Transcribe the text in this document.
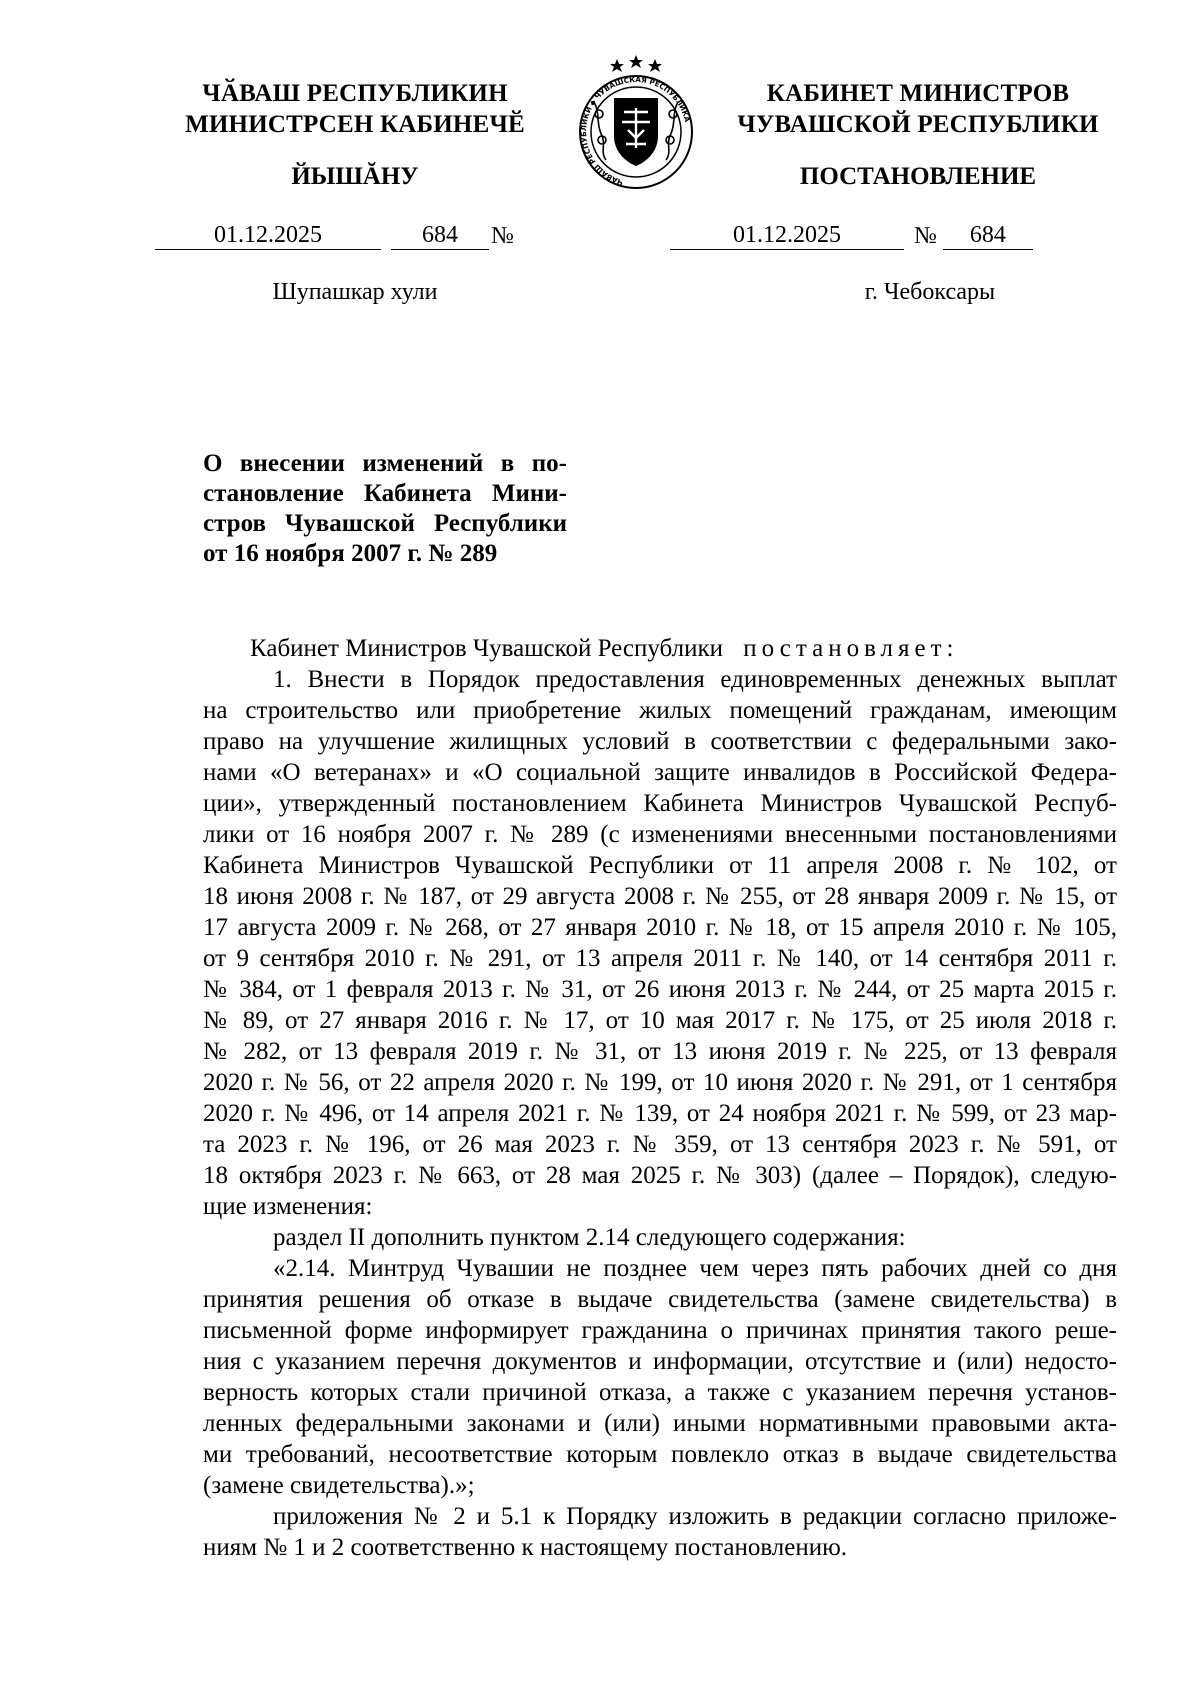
ЧӐВАШ РЕСПУБЛИКИН
МИНИСТРСЕН КАБИНЕЧӖ
ЙЫШĂНУ
КАБИНЕТ МИНИСТРОВ
ЧУВАШСКОЙ РЕСПУБЛИКИ
ПОСТАНОВЛЕНИЕ
ЧĂВАШ РЕСПУБЛИКИ ◆ ЧУВАШСКАЯ РЕСПУБЛИКА
01.12.2025	684 №	01.12.2025	№ 684
Шупашкар хули	г. Чебоксары
О внесении изменений в по-
становление Кабинета Мини-
стров Чувашской Республики
от 16 ноября 2007 г. № 289
Кабинет Министров Чувашской Республики постановляет:
1. Внести в Порядок предоставления единовременных денежных выплат
на строительство или приобретение жилых помещений гражданам, имеющим
право на улучшение жилищных условий в соответствии с федеральными зако-
нами «О ветеранах» и «О социальной защите инвалидов в Российской Федера-
ции», утвержденный постановлением Кабинета Министров Чувашской Респуб-
лики от 16 ноября 2007 г. № 289 (с изменениями внесенными постановлениями
Кабинета Министров Чувашской Республики от 11 апреля 2008 г. № 102, от
18 июня 2008 г. № 187, от 29 августа 2008 г. № 255, от 28 января 2009 г. № 15, от
17 августа 2009 г. № 268, от 27 января 2010 г. № 18, от 15 апреля 2010 г. № 105,
от 9 сентября 2010 г. № 291, от 13 апреля 2011 г. № 140, от 14 сентября 2011 г.
№ 384, от 1 февраля 2013 г. № 31, от 26 июня 2013 г. № 244, от 25 марта 2015 г.
№ 89, от 27 января 2016 г. № 17, от 10 мая 2017 г. № 175, от 25 июля 2018 г.
№ 282, от 13 февраля 2019 г. № 31, от 13 июня 2019 г. № 225, от 13 февраля
2020 г. № 56, от 22 апреля 2020 г. № 199, от 10 июня 2020 г. № 291, от 1 сентября
2020 г. № 496, от 14 апреля 2021 г. № 139, от 24 ноября 2021 г. № 599, от 23 мар-
та 2023 г. № 196, от 26 мая 2023 г. № 359, от 13 сентября 2023 г. № 591, от
18 октября 2023 г. № 663, от 28 мая 2025 г. № 303) (далее – Порядок), следую-
щие изменения:
раздел II дополнить пунктом 2.14 следующего содержания:
«2.14. Минтруд Чувашии не позднее чем через пять рабочих дней со дня
принятия решения об отказе в выдаче свидетельства (замене свидетельства) в
письменной форме информирует гражданина о причинах принятия такого реше-
ния с указанием перечня документов и информации, отсутствие и (или) недосто-
верность которых стали причиной отказа, а также с указанием перечня установ-
ленных федеральными законами и (или) иными нормативными правовыми акта-
ми требований, несоответствие которым повлекло отказ в выдаче свидетельства
(замене свидетельства).»;
приложения № 2 и 5.1 к Порядку изложить в редакции согласно приложе-
ниям № 1 и 2 соответственно к настоящему постановлению.
